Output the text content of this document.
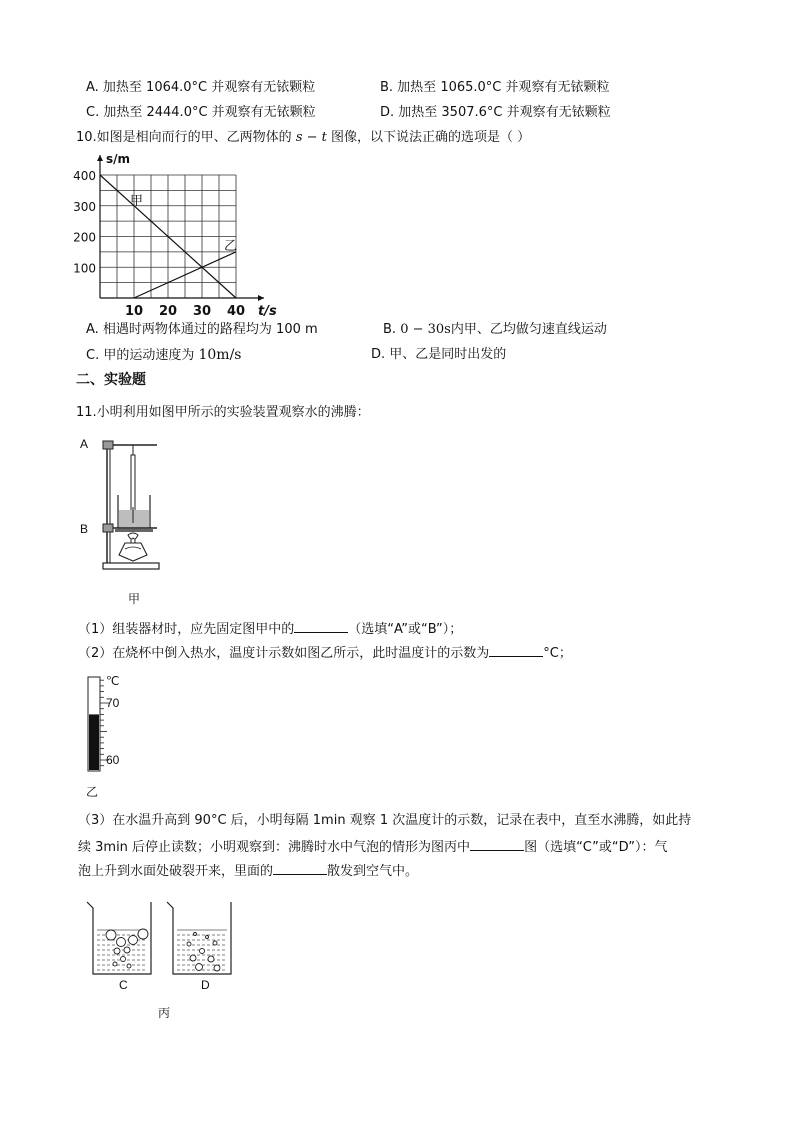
A. 加热至 1064.0°C 并观察有无铱颗粒	B. 加热至 1065.0°C 并观察有无铱颗粒
C. 加热至 2444.0°C 并观察有无铱颗粒	D. 加热至 3507.6°C 并观察有无铱颗粒
10.如图是相向而行的甲、乙两物体的 s − t 图像，以下说法正确的选项是（ ）
10 20 30 40
100
200
300
400
t/s
s/m
甲
乙
A. 相遇时两物体通过的路程均为 100 m	B. 0 − 30s内甲、乙均做匀速直线运动
C. 甲的运动速度为 10m/s	D. 甲、乙是同时出发的
二、实验题
11.小明利用如图甲所示的实验装置观察水的沸腾：
A
B
甲
（1）组装器材时，应先固定图甲中的	（选填“A”或“B”）；
（2）在烧杯中倒入热水，温度计示数如图乙所示，此时温度计的示数为	°C；
℃
70
60
乙
（3）在水温升高到 90°C 后，小明每隔 1min 观察 1 次温度计的示数，记录在表中，直至水沸腾，如此持
续 3min 后停止读数；小明观察到：沸腾时水中气泡的情形为图丙中	图（选填“C”或“D”）：气
泡上升到水面处破裂开来，里面的	散发到空气中。
C	D
丙
